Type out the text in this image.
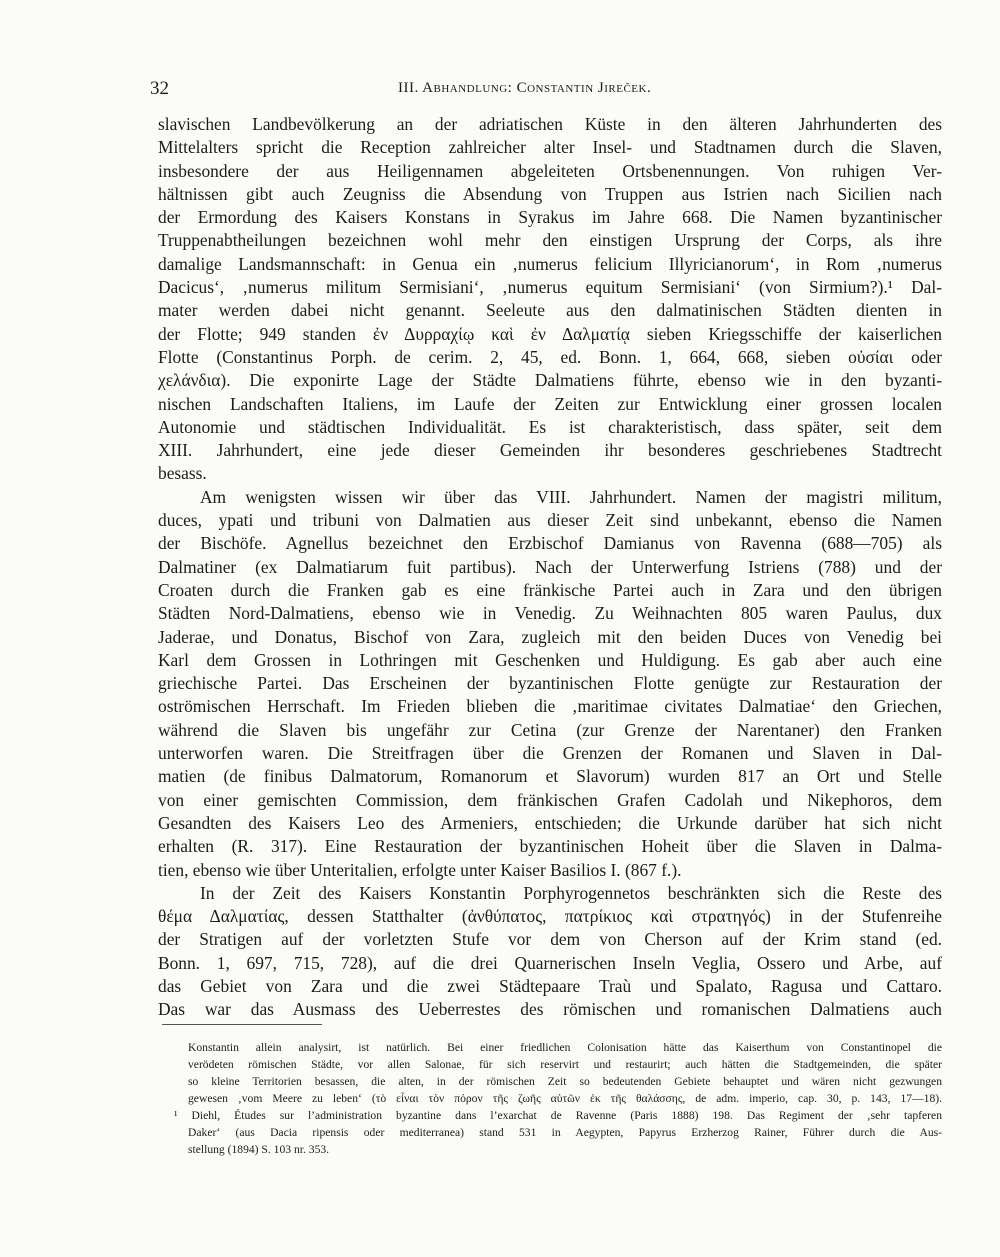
32	III. Abhandlung: Constantin Jireček.
slavischen Landbevölkerung an der adriatischen Küste in den älteren Jahrhunderten des
Mittelalters spricht die Reception zahlreicher alter Insel- und Stadtnamen durch die Slaven,
insbesondere der aus Heiligennamen abgeleiteten Ortsbenennungen. Von ruhigen Ver-
hältnissen gibt auch Zeugniss die Absendung von Truppen aus Istrien nach Sicilien nach
der Ermordung des Kaisers Konstans in Syrakus im Jahre 668. Die Namen byzantinischer
Truppenabtheilungen bezeichnen wohl mehr den einstigen Ursprung der Corps, als ihre
damalige Landsmannschaft: in Genua ein ‚numerus felicium Illyricianorum‘, in Rom ‚numerus
Dacicus‘, ‚numerus militum Sermisiani‘, ‚numerus equitum Sermisiani‘ (von Sirmium?).¹ Dal-
mater werden dabei nicht genannt. Seeleute aus den dalmatinischen Städten dienten in
der Flotte; 949 standen ἐν Δυρραχίῳ καὶ ἐν Δαλματίᾳ sieben Kriegsschiffe der kaiserlichen
Flotte (Constantinus Porph. de cerim. 2, 45, ed. Bonn. 1, 664, 668, sieben οὐσίαι oder
χελάνδια). Die exponirte Lage der Städte Dalmatiens führte, ebenso wie in den byzanti-
nischen Landschaften Italiens, im Laufe der Zeiten zur Entwicklung einer grossen localen
Autonomie und städtischen Individualität. Es ist charakteristisch, dass später, seit dem
XIII. Jahrhundert, eine jede dieser Gemeinden ihr besonderes geschriebenes Stadtrecht
besass.
Am wenigsten wissen wir über das VIII. Jahrhundert. Namen der magistri militum,
duces, ypati und tribuni von Dalmatien aus dieser Zeit sind unbekannt, ebenso die Namen
der Bischöfe. Agnellus bezeichnet den Erzbischof Damianus von Ravenna (688—705) als
Dalmatiner (ex Dalmatiarum fuit partibus). Nach der Unterwerfung Istriens (788) und der
Croaten durch die Franken gab es eine fränkische Partei auch in Zara und den übrigen
Städten Nord-Dalmatiens, ebenso wie in Venedig. Zu Weihnachten 805 waren Paulus, dux
Jaderae, und Donatus, Bischof von Zara, zugleich mit den beiden Duces von Venedig bei
Karl dem Grossen in Lothringen mit Geschenken und Huldigung. Es gab aber auch eine
griechische Partei. Das Erscheinen der byzantinischen Flotte genügte zur Restauration der
oströmischen Herrschaft. Im Frieden blieben die ‚maritimae civitates Dalmatiae‘ den Griechen,
während die Slaven bis ungefähr zur Cetina (zur Grenze der Narentaner) den Franken
unterworfen waren. Die Streitfragen über die Grenzen der Romanen und Slaven in Dal-
matien (de finibus Dalmatorum, Romanorum et Slavorum) wurden 817 an Ort und Stelle
von einer gemischten Commission, dem fränkischen Grafen Cadolah und Nikephoros, dem
Gesandten des Kaisers Leo des Armeniers, entschieden; die Urkunde darüber hat sich nicht
erhalten (R. 317). Eine Restauration der byzantinischen Hoheit über die Slaven in Dalma-
tien, ebenso wie über Unteritalien, erfolgte unter Kaiser Basilios I. (867 f.).
In der Zeit des Kaisers Konstantin Porphyrogennetos beschränkten sich die Reste des
θέμα Δαλματίας, dessen Statthalter (ἀνθύπατος, πατρίκιος καὶ στρατηγός) in der Stufenreihe
der Stratigen auf der vorletzten Stufe vor dem von Cherson auf der Krim stand (ed.
Bonn. 1, 697, 715, 728), auf die drei Quarnerischen Inseln Veglia, Ossero und Arbe, auf
das Gebiet von Zara und die zwei Städtepaare Traù und Spalato, Ragusa und Cattaro.
Das war das Ausmass des Ueberrestes des römischen und romanischen Dalmatiens auch
Konstantin allein analysirt, ist natürlich. Bei einer friedlichen Colonisation hätte das Kaiserthum von Constantinopel die
verödeten römischen Städte, vor allen Salonae, für sich reservirt und restaurirt; auch hätten die Stadtgemeinden, die später
so kleine Territorien besassen, die alten, in der römischen Zeit so bedeutenden Gebiete behauptet und wären nicht gezwungen
gewesen ‚vom Meere zu leben‘ (τὸ εἶναι τὸν πόρον τῆς ζωῆς αὐτῶν ἐκ τῆς θαλάσσης, de adm. imperio, cap. 30, p. 143, 17—18).
¹ Diehl, Études sur l’administration byzantine dans l’exarchat de Ravenne (Paris 1888) 198. Das Regiment der ‚sehr tapferen
Daker‘ (aus Dacia ripensis oder mediterranea) stand 531 in Aegypten, Papyrus Erzherzog Rainer, Führer durch die Aus-
stellung (1894) S. 103 nr. 353.
